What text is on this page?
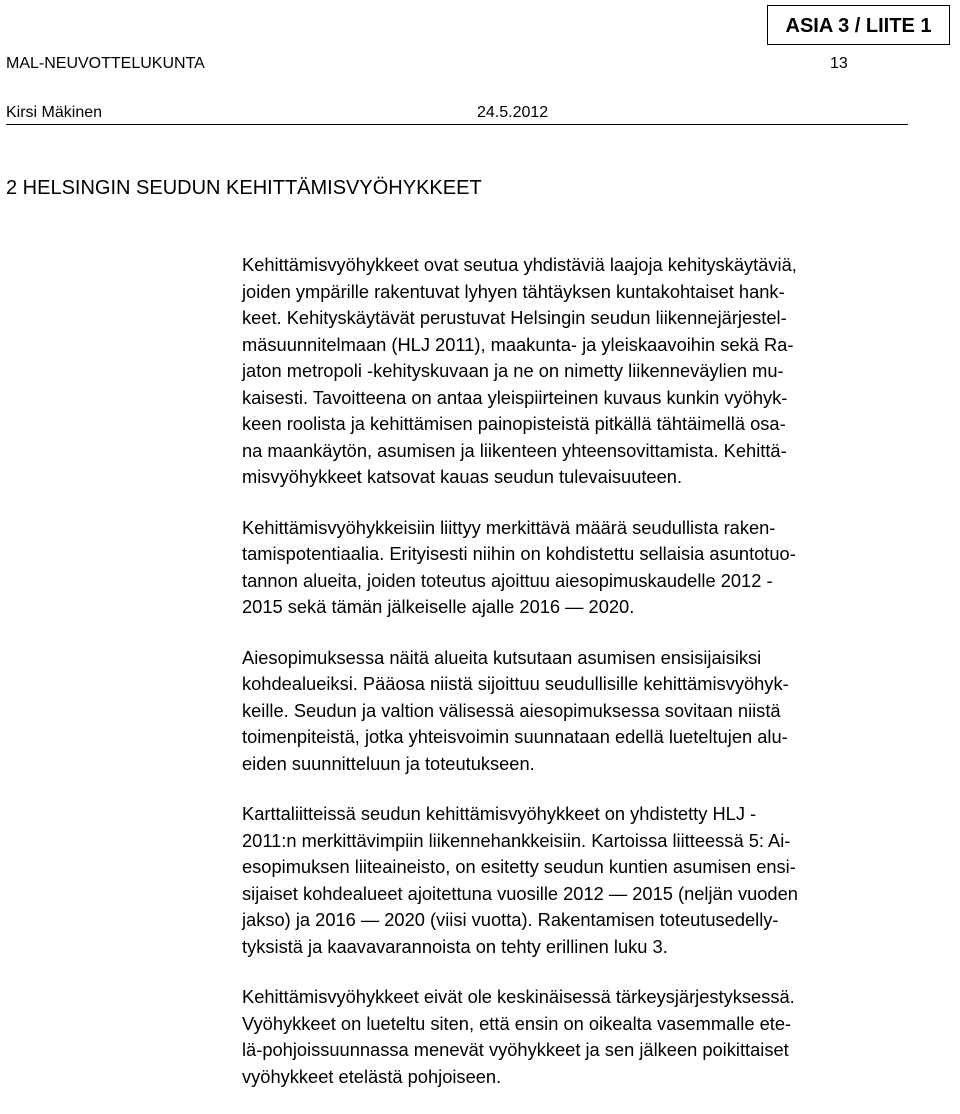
ASIA 3 / LIITE 1
MAL-NEUVOTTELUKUNTA	13
Kirsi Mäkinen	24.5.2012
2 HELSINGIN SEUDUN KEHITTÄMISVYÖHYKKEET

Kehittämisvyöhykkeet ovat seutua yhdistäviä laajoja kehityskäytäviä,
joiden ympärille rakentuvat lyhyen tähtäyksen kuntakohtaiset hank-
keet. Kehityskäytävät perustuvat Helsingin seudun liikennejärjestel-
mäsuunnitelmaan (HLJ 2011), maakunta- ja yleiskaavoihin sekä Ra-
jaton metropoli -kehityskuvaan ja ne on nimetty liikenneväylien mu-
kaisesti. Tavoitteena on antaa yleispiirteinen kuvaus kunkin vyöhyk-
keen roolista ja kehittämisen painopisteistä pitkällä tähtäimellä osa-
na maankäytön, asumisen ja liikenteen yhteensovittamista. Kehittä-
misvyöhykkeet katsovat kauas seudun tulevaisuuteen.

Kehittämisvyöhykkeisiin liittyy merkittävä määrä seudullista raken-
tamispotentiaalia. Erityisesti niihin on kohdistettu sellaisia asuntotuo-
tannon alueita, joiden toteutus ajoittuu aiesopimuskaudelle 2012 -
2015 sekä tämän jälkeiselle ajalle 2016 — 2020.

Aiesopimuksessa näitä alueita kutsutaan asumisen ensisijaisiksi
kohdealueiksi. Pääosa niistä sijoittuu seudullisille kehittämisvyöhyk-
keille. Seudun ja valtion välisessä aiesopimuksessa sovitaan niistä
toimenpiteistä, jotka yhteisvoimin suunnataan edellä lueteltujen alu-
eiden suunnitteluun ja toteutukseen.

Karttaliitteissä seudun kehittämisvyöhykkeet on yhdistetty HLJ -
2011:n merkittävimpiin liikennehankkeisiin. Kartoissa liitteessä 5: Ai-
esopimuksen liiteaineisto, on esitetty seudun kuntien asumisen ensi-
sijaiset kohdealueet ajoitettuna vuosille 2012 — 2015 (neljän vuoden
jakso) ja 2016 — 2020 (viisi vuotta). Rakentamisen toteutusedelly-
tyksistä ja kaavavarannoista on tehty erillinen luku 3.

Kehittämisvyöhykkeet eivät ole keskinäisessä tärkeysjärjestyksessä.
Vyöhykkeet on lueteltu siten, että ensin on oikealta vasemmalle ete-
lä-pohjoissuunnassa menevät vyöhykkeet ja sen jälkeen poikittaiset
vyöhykkeet etelästä pohjoiseen.
